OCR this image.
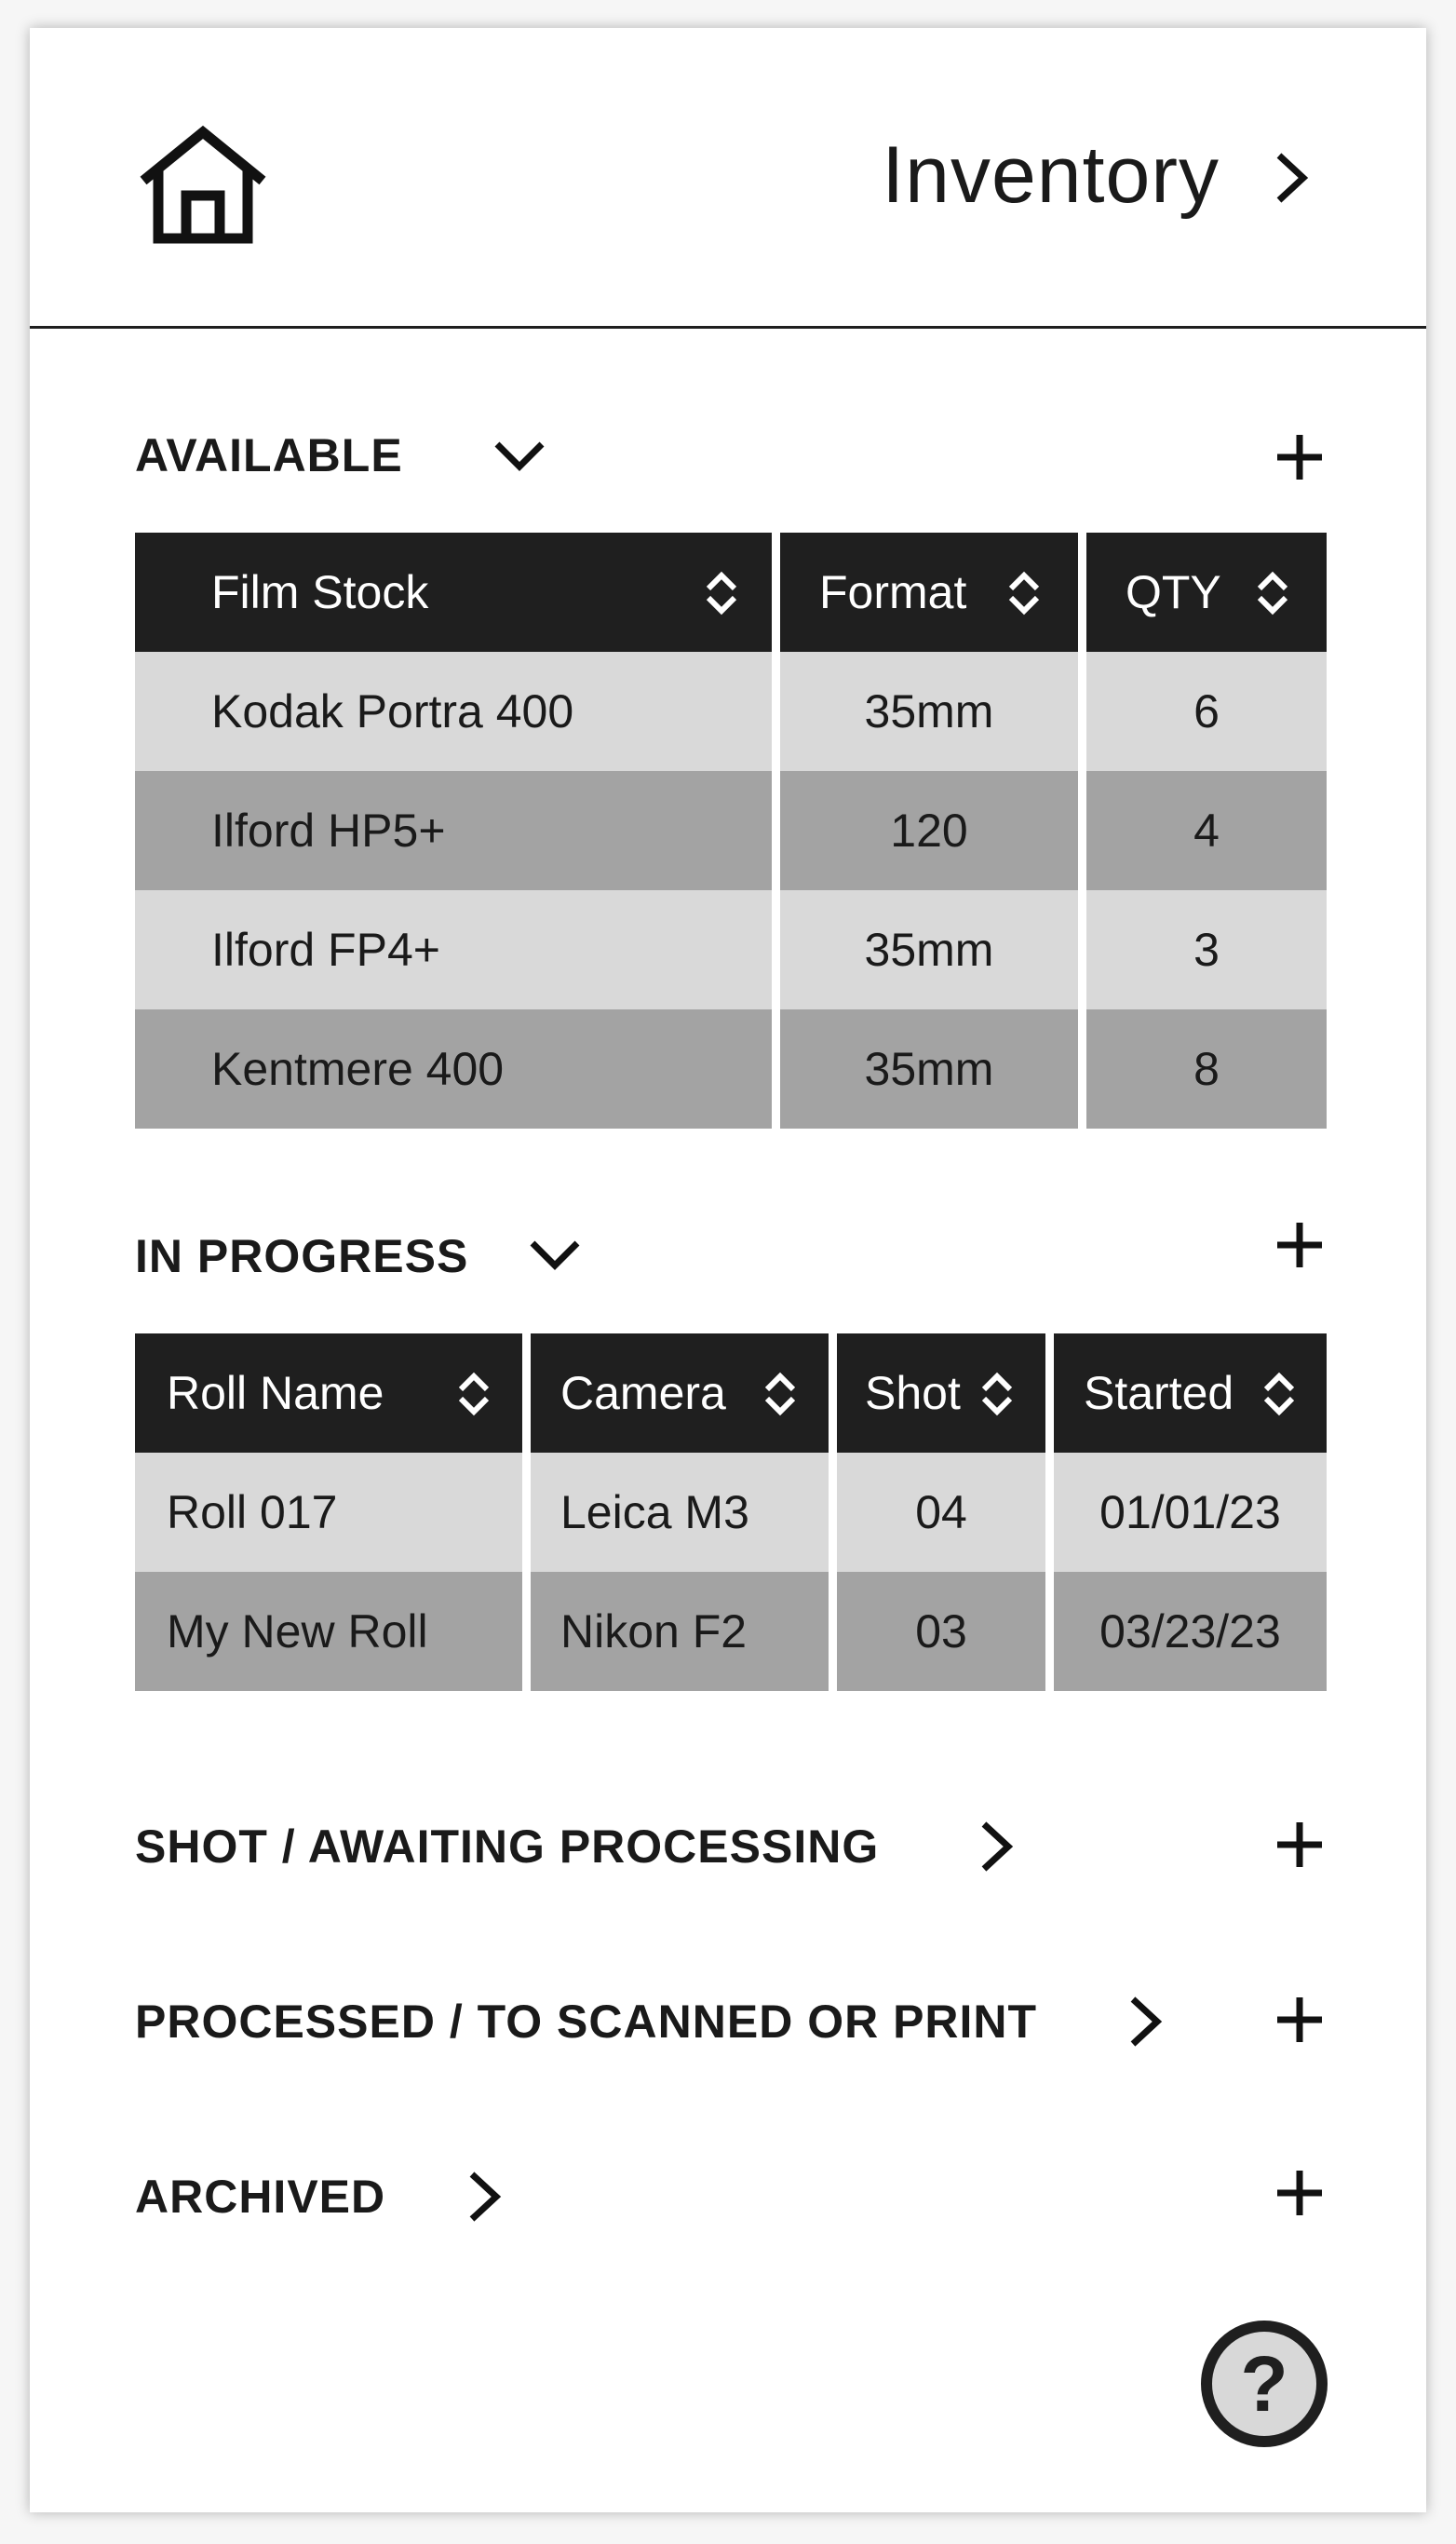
Inventory
AVAILABLE
Film Stock	Format	QTY

Kodak Portra 400	35mm	6

Ilford HP5+	120	4

Ilford FP4+	35mm	3

Kentmere 400	35mm	8
IN PROGRESS
Roll Name	Camera	Shot	Started

Roll 017	Leica M3	04	01/01/23

My New Roll	Nikon F2	03	03/23/23
SHOT / AWAITING PROCESSING
PROCESSED / TO SCANNED OR PRINT
ARCHIVED
?
